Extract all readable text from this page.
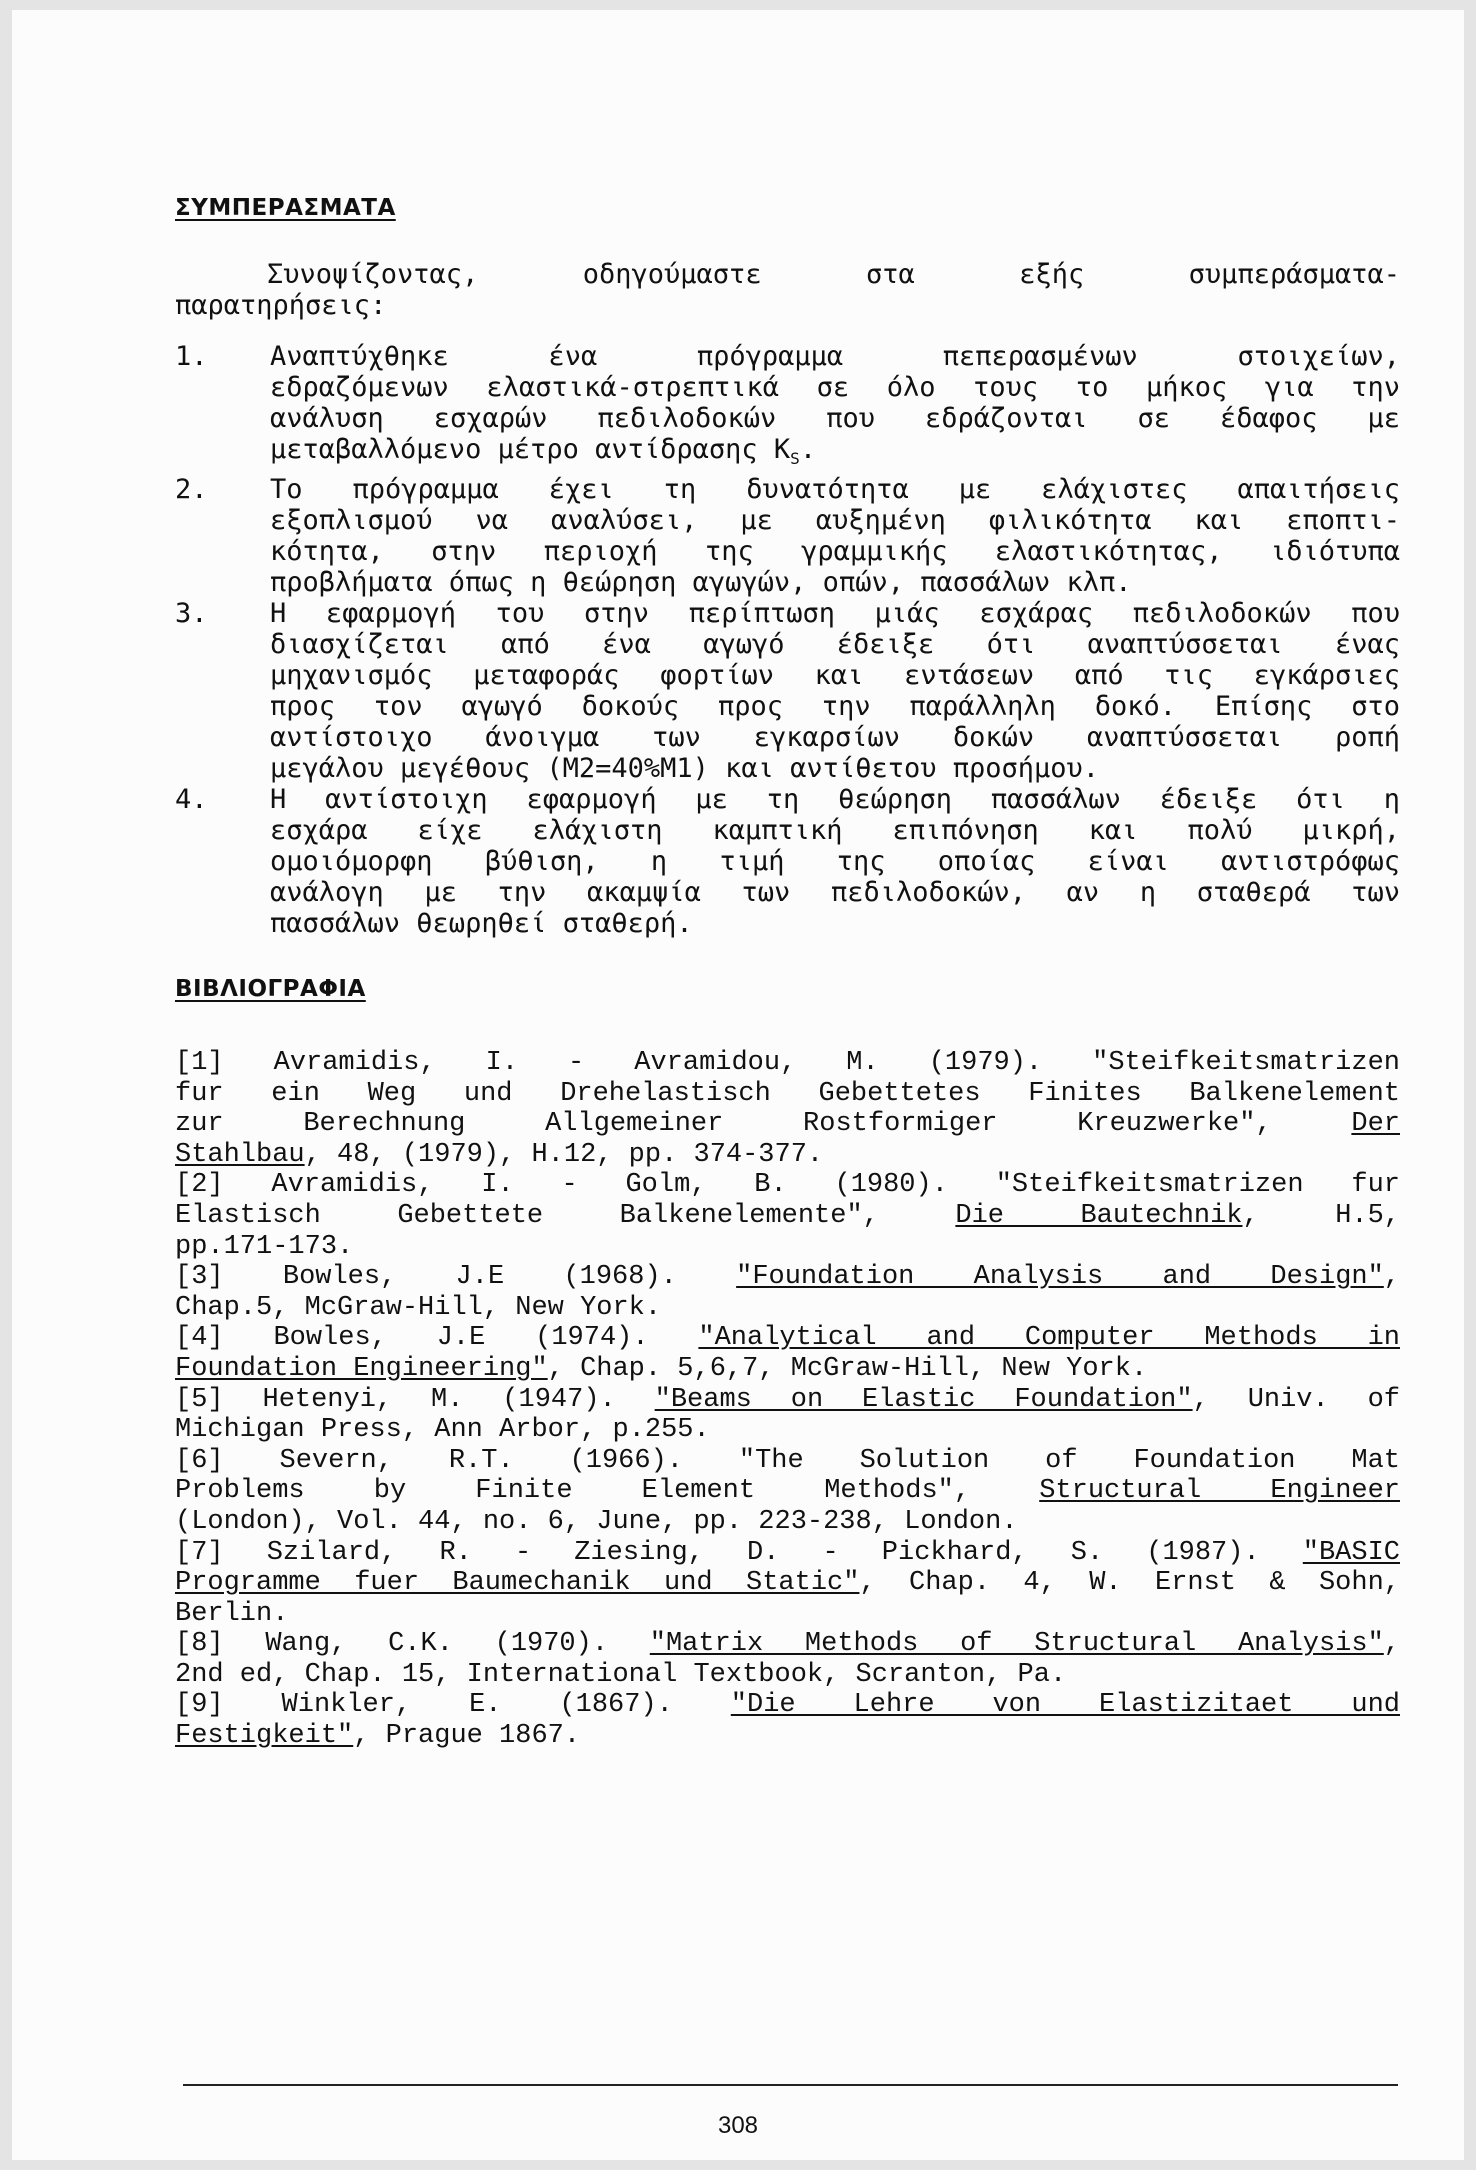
ΣΥΜΠΕΡΑΣΜΑΤΑ
Συνοψίζοντας, οδηγούμαστε στα εξής συμπεράσματα-
παρατηρήσεις:
1.	Αναπτύχθηκε ένα πρόγραμμα πεπερασμένων στοιχείων,
εδραζόμενων ελαστικά-στρεπτικά σε όλο τους το μήκος για την
ανάλυση εσχαρών πεδιλοδοκών που εδράζονται σε έδαφος με
μεταβαλλόμενο μέτρο αντίδρασης $K_S$.
2.	Το πρόγραμμα έχει τη δυνατότητα με ελάχιστες απαιτήσεις
εξοπλισμού να αναλύσει, με αυξημένη φιλικότητα και εποπτι-
κότητα, στην περιοχή της γραμμικής ελαστικότητας, ιδιότυπα
προβλήματα όπως η θεώρηση αγωγών, οπών, πασσάλων κλπ.
3.	Η εφαρμογή του στην περίπτωση μιάς εσχάρας πεδιλοδοκών που
διασχίζεται από ένα αγωγό έδειξε ότι αναπτύσσεται ένας
μηχανισμός μεταφοράς φορτίων και εντάσεων από τις εγκάρσιες
προς τον αγωγό δοκούς προς την παράλληλη δοκό. Επίσης στο
αντίστοιχο άνοιγμα των εγκαρσίων δοκών αναπτύσσεται ροπή
μεγάλου μεγέθους (Μ2=40%Μ1) και αντίθετου προσήμου.
4.	Η αντίστοιχη εφαρμογή με τη θεώρηση πασσάλων έδειξε ότι η
εσχάρα είχε ελάχιστη καμπτική επιπόνηση και πολύ μικρή,
ομοιόμορφη βύθιση, η τιμή της οποίας είναι αντιστρόφως
ανάλογη με την ακαμψία των πεδιλοδοκών, αν η σταθερά των
πασσάλων θεωρηθεί σταθερή.
ΒΙΒΛΙΟΓΡΑΦΙΑ
[1] Avramidis, I. - Avramidou, M. (1979). "Steifkeitsmatrizen
fur ein Weg und Drehelastisch Gebettetes Finites Balkenelement
zur Berechnung Allgemeiner Rostformiger Kreuzwerke",	Der
Stahlbau, 48, (1979), H.12, pp. 374-377.
[2] Avramidis, I. - Golm, B. (1980). "Steifkeitsmatrizen fur
Elastisch Gebettete Balkenelemente",	Die Bautechnik, H.5,
pp.171-173.
[3] Bowles, J.E (1968). "Foundation Analysis and Design",
Chap.5, McGraw-Hill, New York.
[4] Bowles, J.E (1974). "Analytical and Computer Methods in
Foundation Engineering", Chap. 5,6,7, McGraw-Hill, New York.
[5] Hetenyi, M. (1947). "Beams on Elastic Foundation", Univ. of
Michigan Press, Ann Arbor, p.255.
[6] Severn, R.T. (1966). "The Solution of Foundation Mat
Problems by Finite Element Methods",	Structural Engineer
(London), Vol. 44, no. 6, June, pp. 223-238, London.
[7] Szilard, R. - Ziesing, D. - Pickhard, S. (1987). "BASIC
Programme fuer Baumechanik und Static", Chap. 4, W. Ernst & Sohn,
Berlin.
[8] Wang, C.K. (1970). "Matrix Methods of Structural Analysis",
2nd ed, Chap. 15, International Textbook, Scranton, Pa.
[9] Winkler, E. (1867). "Die Lehre von Elastizitaet und
Festigkeit", Prague 1867.
308
